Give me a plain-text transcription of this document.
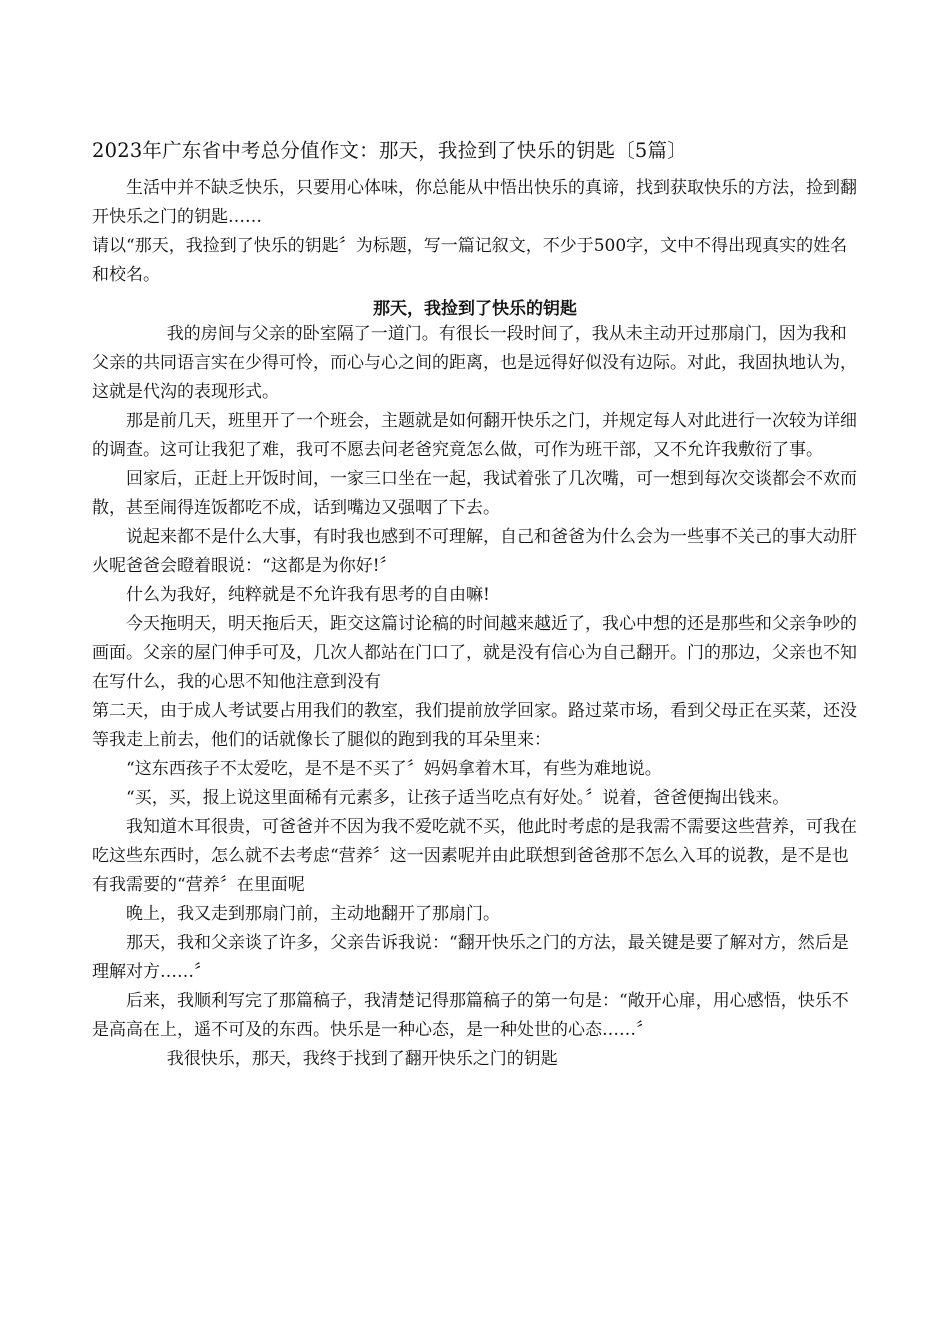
2023年广东省中考总分值作文：那天，我捡到了快乐的钥匙〔5篇〕

生活中并不缺乏快乐，只要用心体味，你总能从中悟出快乐的真谛，找到获取快乐的方法，捡到翻开快乐之门的钥匙……

请以“那天，我捡到了快乐的钥匙〞为标题，写一篇记叙文，不少于500字，文中不得出现真实的姓名和校名。

那天，我捡到了快乐的钥匙

我的房间与父亲的卧室隔了一道门。有很长一段时间了，我从未主动开过那扇门，因为我和父亲的共同语言实在少得可怜，而心与心之间的距离，也是远得好似没有边际。对此，我固执地认为，这就是代沟的表现形式。

那是前几天，班里开了一个班会，主题就是如何翻开快乐之门，并规定每人对此进行一次较为详细的调查。这可让我犯了难，我可不愿去问老爸究竟怎么做，可作为班干部，又不允许我敷衍了事。

回家后，正赶上开饭时间，一家三口坐在一起，我试着张了几次嘴，可一想到每次交谈都会不欢而散，甚至闹得连饭都吃不成，话到嘴边又强咽了下去。

说起来都不是什么大事，有时我也感到不可理解，自己和爸爸为什么会为一些事不关己的事大动肝火呢爸爸会瞪着眼说：“这都是为你好!〞

什么为我好，纯粹就是不允许我有思考的自由嘛!

今天拖明天，明天拖后天，距交这篇讨论稿的时间越来越近了，我心中想的还是那些和父亲争吵的画面。父亲的屋门伸手可及，几次人都站在门口了，就是没有信心为自己翻开。门的那边，父亲也不知在写什么，我的心思不知他注意到没有

第二天，由于成人考试要占用我们的教室，我们提前放学回家。路过菜市场，看到父母正在买菜，还没等我走上前去，他们的话就像长了腿似的跑到我的耳朵里来：

“这东西孩子不太爱吃，是不是不买了〞妈妈拿着木耳，有些为难地说。

“买，买，报上说这里面稀有元素多，让孩子适当吃点有好处。〞说着，爸爸便掏出钱来。

我知道木耳很贵，可爸爸并不因为我不爱吃就不买，他此时考虑的是我需不需要这些营养，可我在吃这些东西时，怎么就不去考虑“营养〞这一因素呢并由此联想到爸爸那不怎么入耳的说教，是不是也有我需要的“营养〞在里面呢

晚上，我又走到那扇门前，主动地翻开了那扇门。

那天，我和父亲谈了许多，父亲告诉我说：“翻开快乐之门的方法，最关键是要了解对方，然后是理解对方……〞

后来，我顺利写完了那篇稿子，我清楚记得那篇稿子的第一句是：“敞开心扉，用心感悟，快乐不是高高在上，遥不可及的东西。快乐是一种心态，是一种处世的心态……〞

我很快乐，那天，我终于找到了翻开快乐之门的钥匙
